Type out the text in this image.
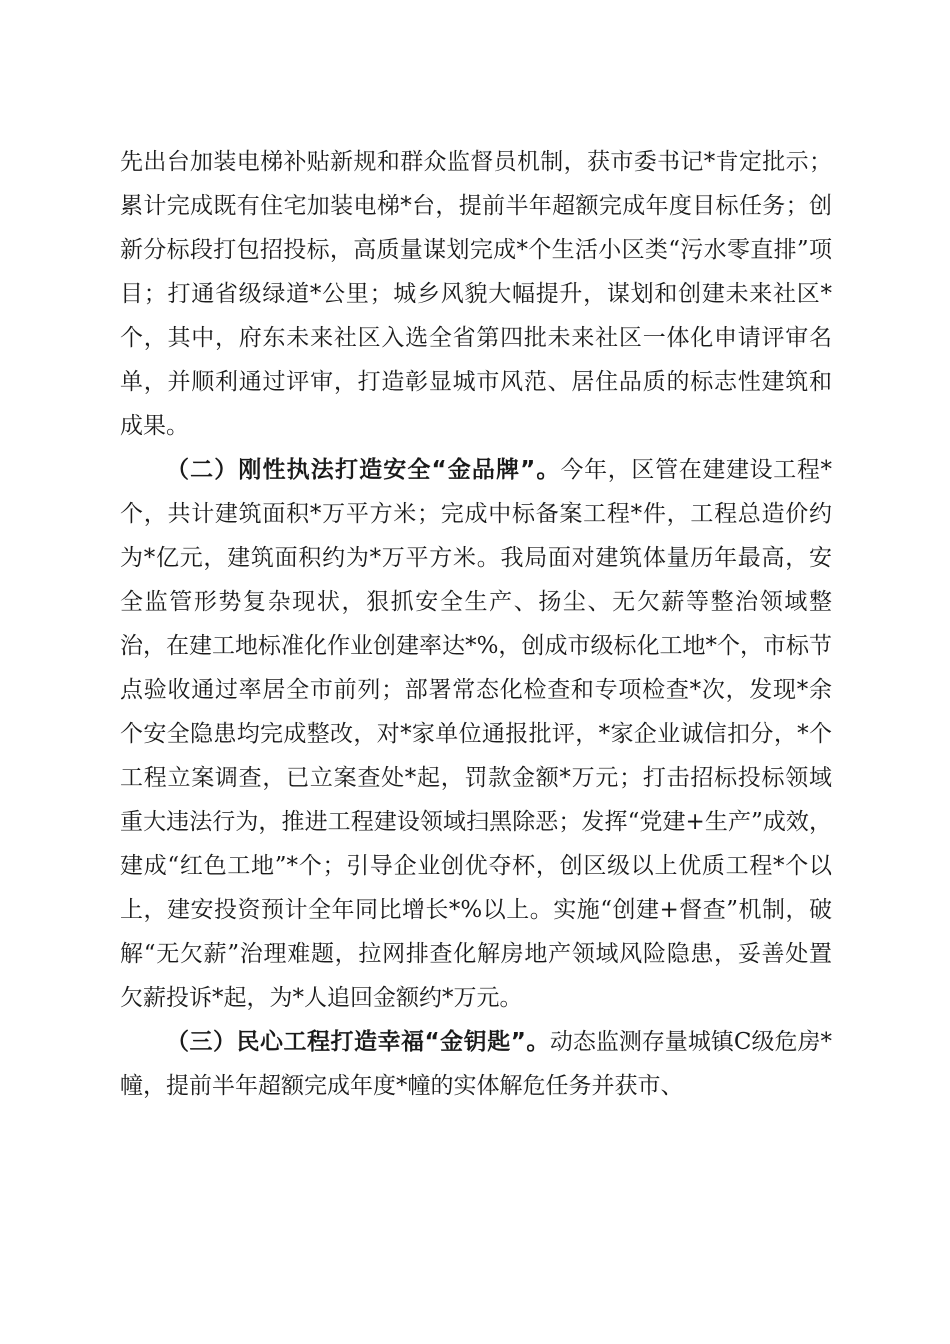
先出台加装电梯补贴新规和群众监督员机制，获市委书记*肯定批示；累计完成既有住宅加装电梯*台，提前半年超额完成年度目标任务；创新分标段打包招投标，高质量谋划完成*个生活小区类“污水零直排”项目；打通省级绿道*公里；城乡风貌大幅提升，谋划和创建未来社区*个，其中，府东未来社区入选全省第四批未来社区一体化申请评审名单，并顺利通过评审，打造彰显城市风范、居住品质的标志性建筑和成果。

（二）刚性执法打造安全“金品牌”。今年，区管在建建设工程*个，共计建筑面积*万平方米；完成中标备案工程*件，工程总造价约为*亿元，建筑面积约为*万平方米。我局面对建筑体量历年最高，安全监管形势复杂现状，狠抓安全生产、扬尘、无欠薪等整治领域整治，在建工地标准化作业创建率达*%，创成市级标化工地*个，市标节点验收通过率居全市前列；部署常态化检查和专项检查*次，发现*余个安全隐患均完成整改，对*家单位通报批评，*家企业诚信扣分，*个工程立案调查，已立案查处*起，罚款金额*万元；打击招标投标领域重大违法行为，推进工程建设领域扫黑除恶；发挥“党建+生产”成效，建成“红色工地”*个；引导企业创优夺杯，创区级以上优质工程*个以上，建安投资预计全年同比增长*%以上。实施“创建+督查”机制，破解“无欠薪”治理难题，拉网排查化解房地产领域风险隐患，妥善处置欠薪投诉*起，为*人追回金额约*万元。

（三）民心工程打造幸福“金钥匙”。动态监测存量城镇C级危房*幢，提前半年超额完成年度*幢的实体解危任务并获市、
